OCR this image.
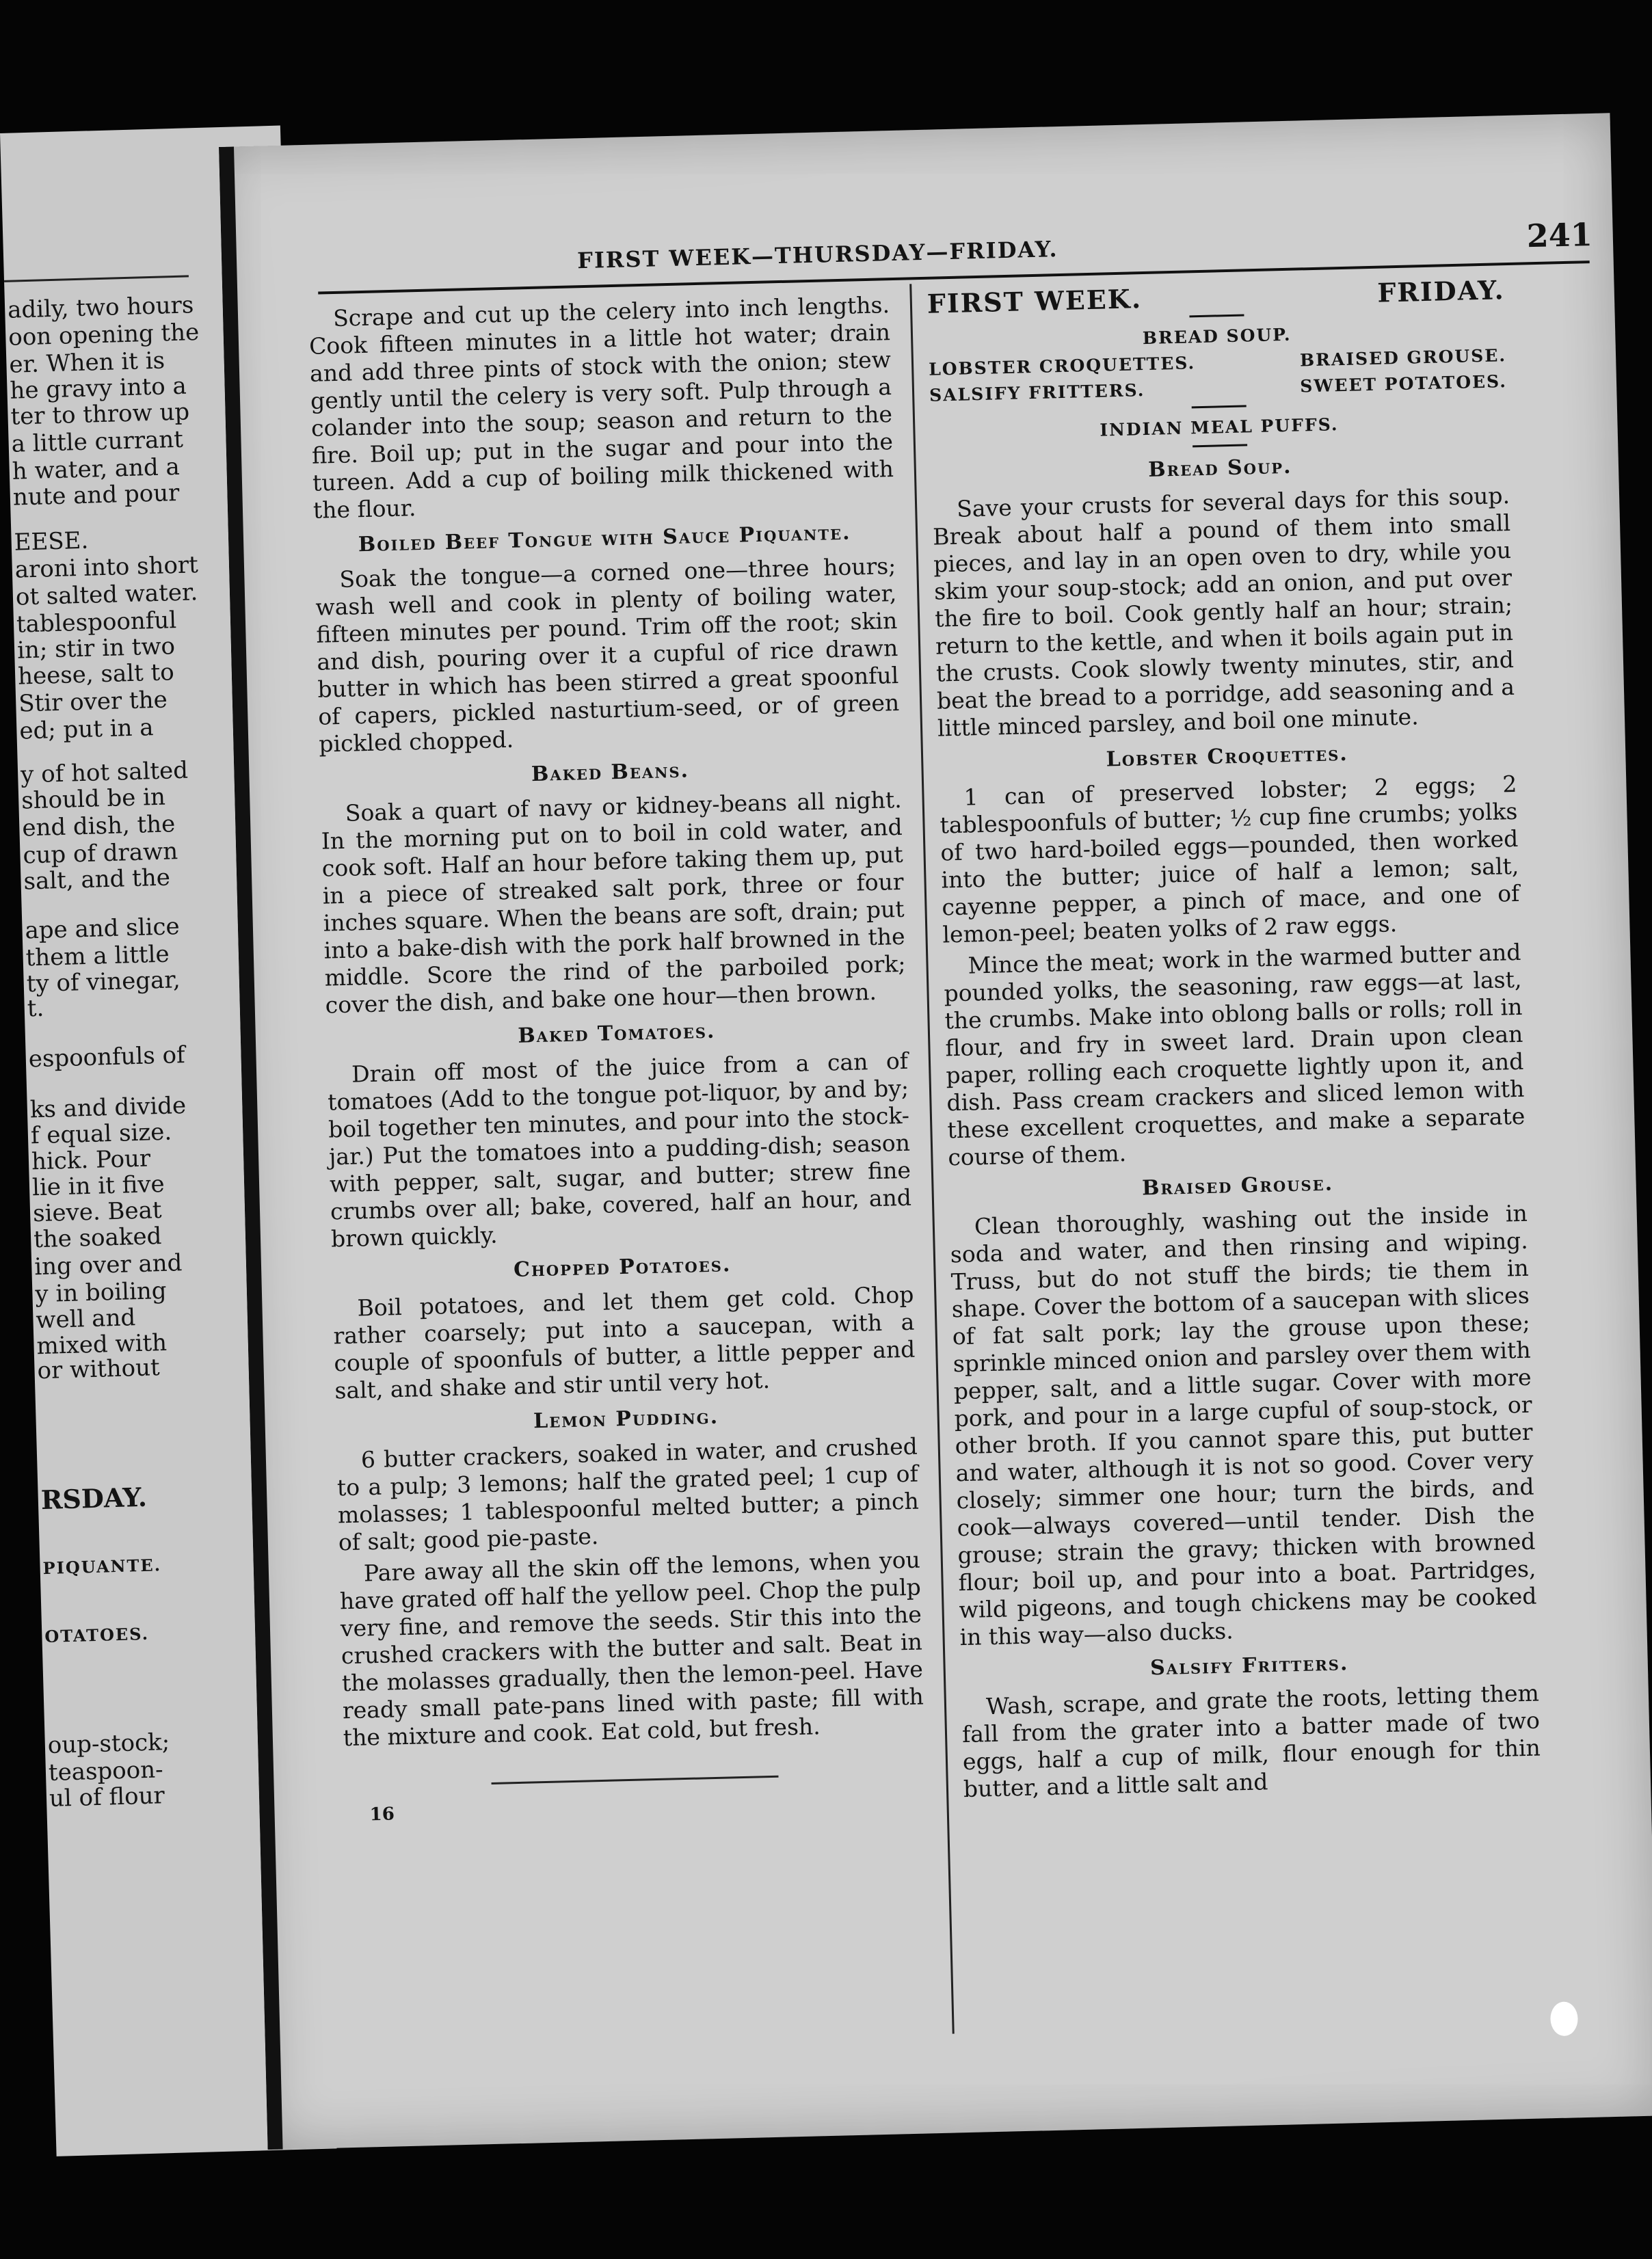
adily, two hours

oon opening the

er. When it is

he gravy into a

ter to throw up

a little currant

h water, and a

nute and pour

EESE.

aroni into short

ot salted water.

tablespoonful

in; stir in two

heese, salt to

Stir over the

ed; put in a

y of hot salted

should be in

end dish, the

cup of drawn

salt, and the

ape and slice

them a little

ty of vinegar,

t.

espoonfuls of

ks and divide

f equal size.

hick. Pour

lie in it five

sieve. Beat

the soaked

ing over and

y in boiling

well and

mixed with

or without

RSDAY.

PIQUANTE.

OTATOES.

oup-stock;

teaspoon-

ul of flour

FIRST WEEK—THURSDAY—FRIDAY.

241

Scrape and cut up the celery into inch lengths. Cook fifteen minutes in a little hot water; drain and add three pints of stock with the onion; stew gently until the celery is very soft. Pulp through a colander into the soup; season and return to the fire. Boil up; put in the sugar and pour into the tureen. Add a cup of boiling milk thickened with the flour.

Boiled Beef Tongue with Sauce Piquante.

Soak the tongue—a corned one—three hours; wash well and cook in plenty of boiling water, fifteen minutes per pound. Trim off the root; skin and dish, pouring over it a cupful of rice drawn butter in which has been stirred a great spoonful of capers, pickled nasturtium-seed, or of green pickled chopped.

Baked Beans.

Soak a quart of navy or kidney-beans all night. In the morning put on to boil in cold water, and cook soft. Half an hour before taking them up, put in a piece of streaked salt pork, three or four inches square. When the beans are soft, drain; put into a bake-dish with the pork half browned in the middle. Score the rind of the parboiled pork; cover the dish, and bake one hour—then brown.

Baked Tomatoes.

Drain off most of the juice from a can of tomatoes (Add to the tongue pot-liquor, by and by; boil together ten minutes, and pour into the stock-jar.) Put the tomatoes into a pudding-dish; season with pepper, salt, sugar, and butter; strew fine crumbs over all; bake, covered, half an hour, and brown quickly.

Chopped Potatoes.

Boil potatoes, and let them get cold. Chop rather coarsely; put into a saucepan, with a couple of spoonfuls of butter, a little pepper and salt, and shake and stir until very hot.

Lemon Pudding.

6 butter crackers, soaked in water, and crushed to a pulp; 3 lemons; half the grated peel; 1 cup of molasses; 1 tablespoonful melted butter; a pinch of salt; good pie-paste.

Pare away all the skin off the lemons, when you have grated off half the yellow peel. Chop the pulp very fine, and remove the seeds. Stir this into the crushed crackers with the butter and salt. Beat in the molasses gradually, then the lemon-peel. Have ready small pate-pans lined with paste; fill with the mixture and cook. Eat cold, but fresh.

16

FIRST WEEK.	FRIDAY.
BREAD SOUP.
LOBSTER CROQUETTES.	BRAISED GROUSE.
SALSIFY FRITTERS.	SWEET POTATOES.
INDIAN MEAL PUFFS.
Bread Soup.

Save your crusts for several days for this soup. Break about half a pound of them into small pieces, and lay in an open oven to dry, while you skim your soup-stock; add an onion, and put over the fire to boil. Cook gently half an hour; strain; return to the kettle, and when it boils again put in the crusts. Cook slowly twenty minutes, stir, and beat the bread to a porridge, add seasoning and a little minced parsley, and boil one minute.

Lobster Croquettes.

1 can of preserved lobster; 2 eggs; 2 tablespoonfuls of butter; ½ cup fine crumbs; yolks of two hard-boiled eggs—pounded, then worked into the butter; juice of half a lemon; salt, cayenne pepper, a pinch of mace, and one of lemon-peel; beaten yolks of 2 raw eggs.

Mince the meat; work in the warmed butter and pounded yolks, the seasoning, raw eggs—at last, the crumbs. Make into oblong balls or rolls; roll in flour, and fry in sweet lard. Drain upon clean paper, rolling each croquette lightly upon it, and dish. Pass cream crackers and sliced lemon with these excellent croquettes, and make a separate course of them.

Braised Grouse.

Clean thoroughly, washing out the inside in soda and water, and then rinsing and wiping. Truss, but do not stuff the birds; tie them in shape. Cover the bottom of a saucepan with slices of fat salt pork; lay the grouse upon these; sprinkle minced onion and parsley over them with pepper, salt, and a little sugar. Cover with more pork, and pour in a large cupful of soup-stock, or other broth. If you cannot spare this, put butter and water, although it is not so good. Cover very closely; simmer one hour; turn the birds, and cook—always covered—until tender. Dish the grouse; strain the gravy; thicken with browned flour; boil up, and pour into a boat. Partridges, wild pigeons, and tough chickens may be cooked in this way—also ducks.

Salsify Fritters.

Wash, scrape, and grate the roots, letting them fall from the grater into a batter made of two eggs, half a cup of milk, flour enough for thin butter, and a little salt and
